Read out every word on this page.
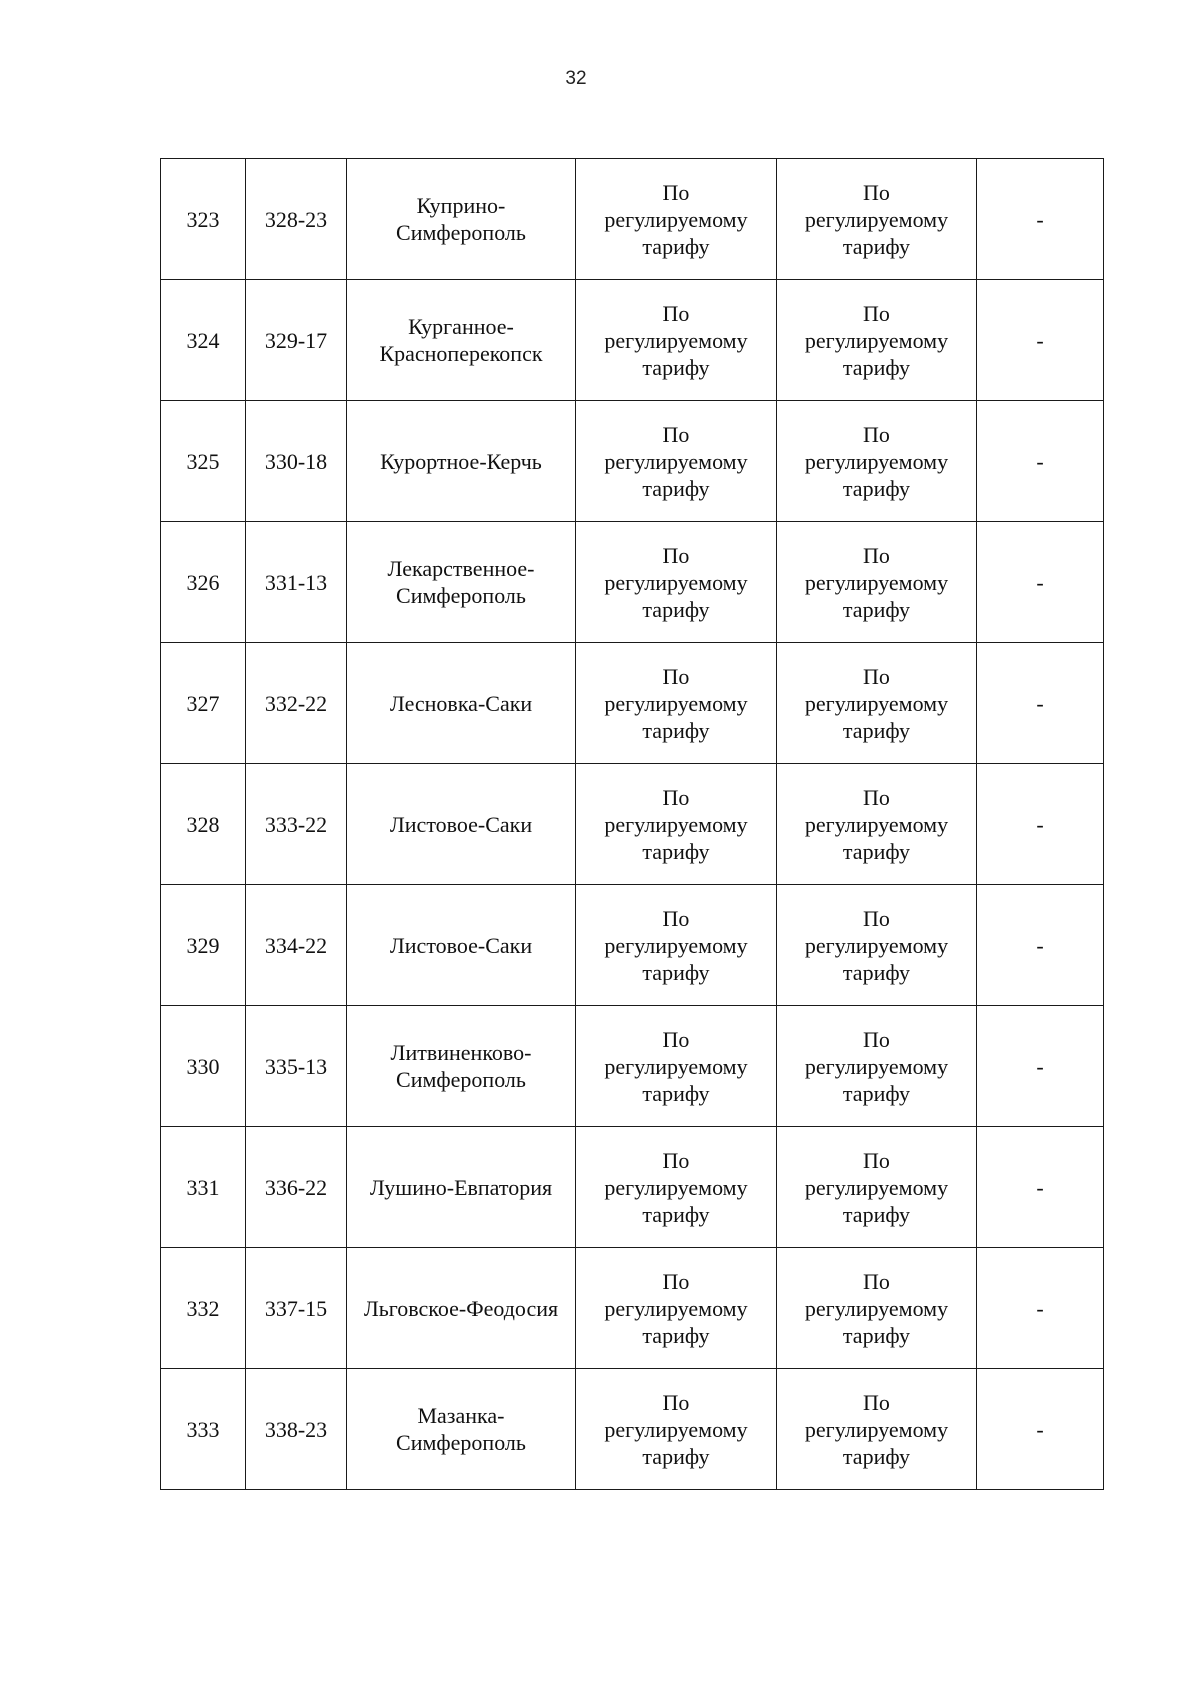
32
323	328-23	Куприно-
Симферополь	По
регулируемому
тарифу	По
регулируемому
тарифу	-
324	329-17	Курганное-
Красноперекопск	По
регулируемому
тарифу	По
регулируемому
тарифу	-
325	330-18	Курортное-Керчь	По
регулируемому
тарифу	По
регулируемому
тарифу	-
326	331-13	Лекарственное-
Симферополь	По
регулируемому
тарифу	По
регулируемому
тарифу	-
327	332-22	Лесновка-Саки	По
регулируемому
тарифу	По
регулируемому
тарифу	-
328	333-22	Листовое-Саки	По
регулируемому
тарифу	По
регулируемому
тарифу	-
329	334-22	Листовое-Саки	По
регулируемому
тарифу	По
регулируемому
тарифу	-
330	335-13	Литвиненково-
Симферополь	По
регулируемому
тарифу	По
регулируемому
тарифу	-
331	336-22	Лушино-Евпатория	По
регулируемому
тарифу	По
регулируемому
тарифу	-
332	337-15	Льговское-Феодосия	По
регулируемому
тарифу	По
регулируемому
тарифу	-
333	338-23	Мазанка-
Симферополь	По
регулируемому
тарифу	По
регулируемому
тарифу	-
